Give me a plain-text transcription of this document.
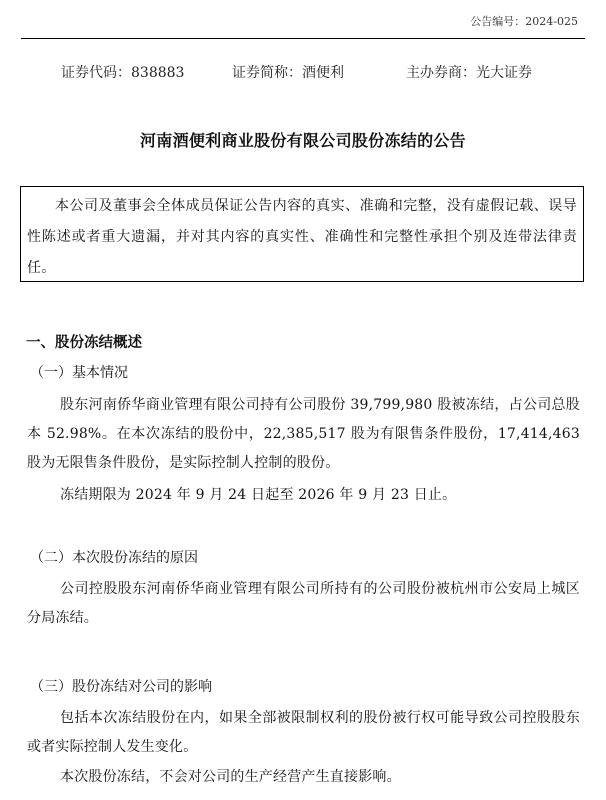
公告编号：2024-025
证券代码：838883	证券简称：酒便利	主办券商：光大证券
河南酒便利商业股份有限公司股份冻结的公告

本公司及董事会全体成员保证公告内容的真实、准确和完整，没有虚假记载、误导性陈述或者重大遗漏，并对其内容的真实性、准确性和完整性承担个别及连带法律责任。

一、股份冻结概述
（一）基本情况

股东河南侨华商业管理有限公司持有公司股份 39,799,980 股被冻结，占公司总股本 52.98%。在本次冻结的股份中，22,385,517 股为有限售条件股份，17,414,463 股为无限售条件股份，是实际控制人控制的股份。

冻结期限为 2024 年 9 月 24 日起至 2026 年 9 月 23 日止。

（二）本次股份冻结的原因

公司控股股东河南侨华商业管理有限公司所持有的公司股份被杭州市公安局上城区分局冻结。

（三）股份冻结对公司的影响

包括本次冻结股份在内，如果全部被限制权利的股份被行权可能导致公司控股股东或者实际控制人发生变化。

本次股份冻结，不会对公司的生产经营产生直接影响。
